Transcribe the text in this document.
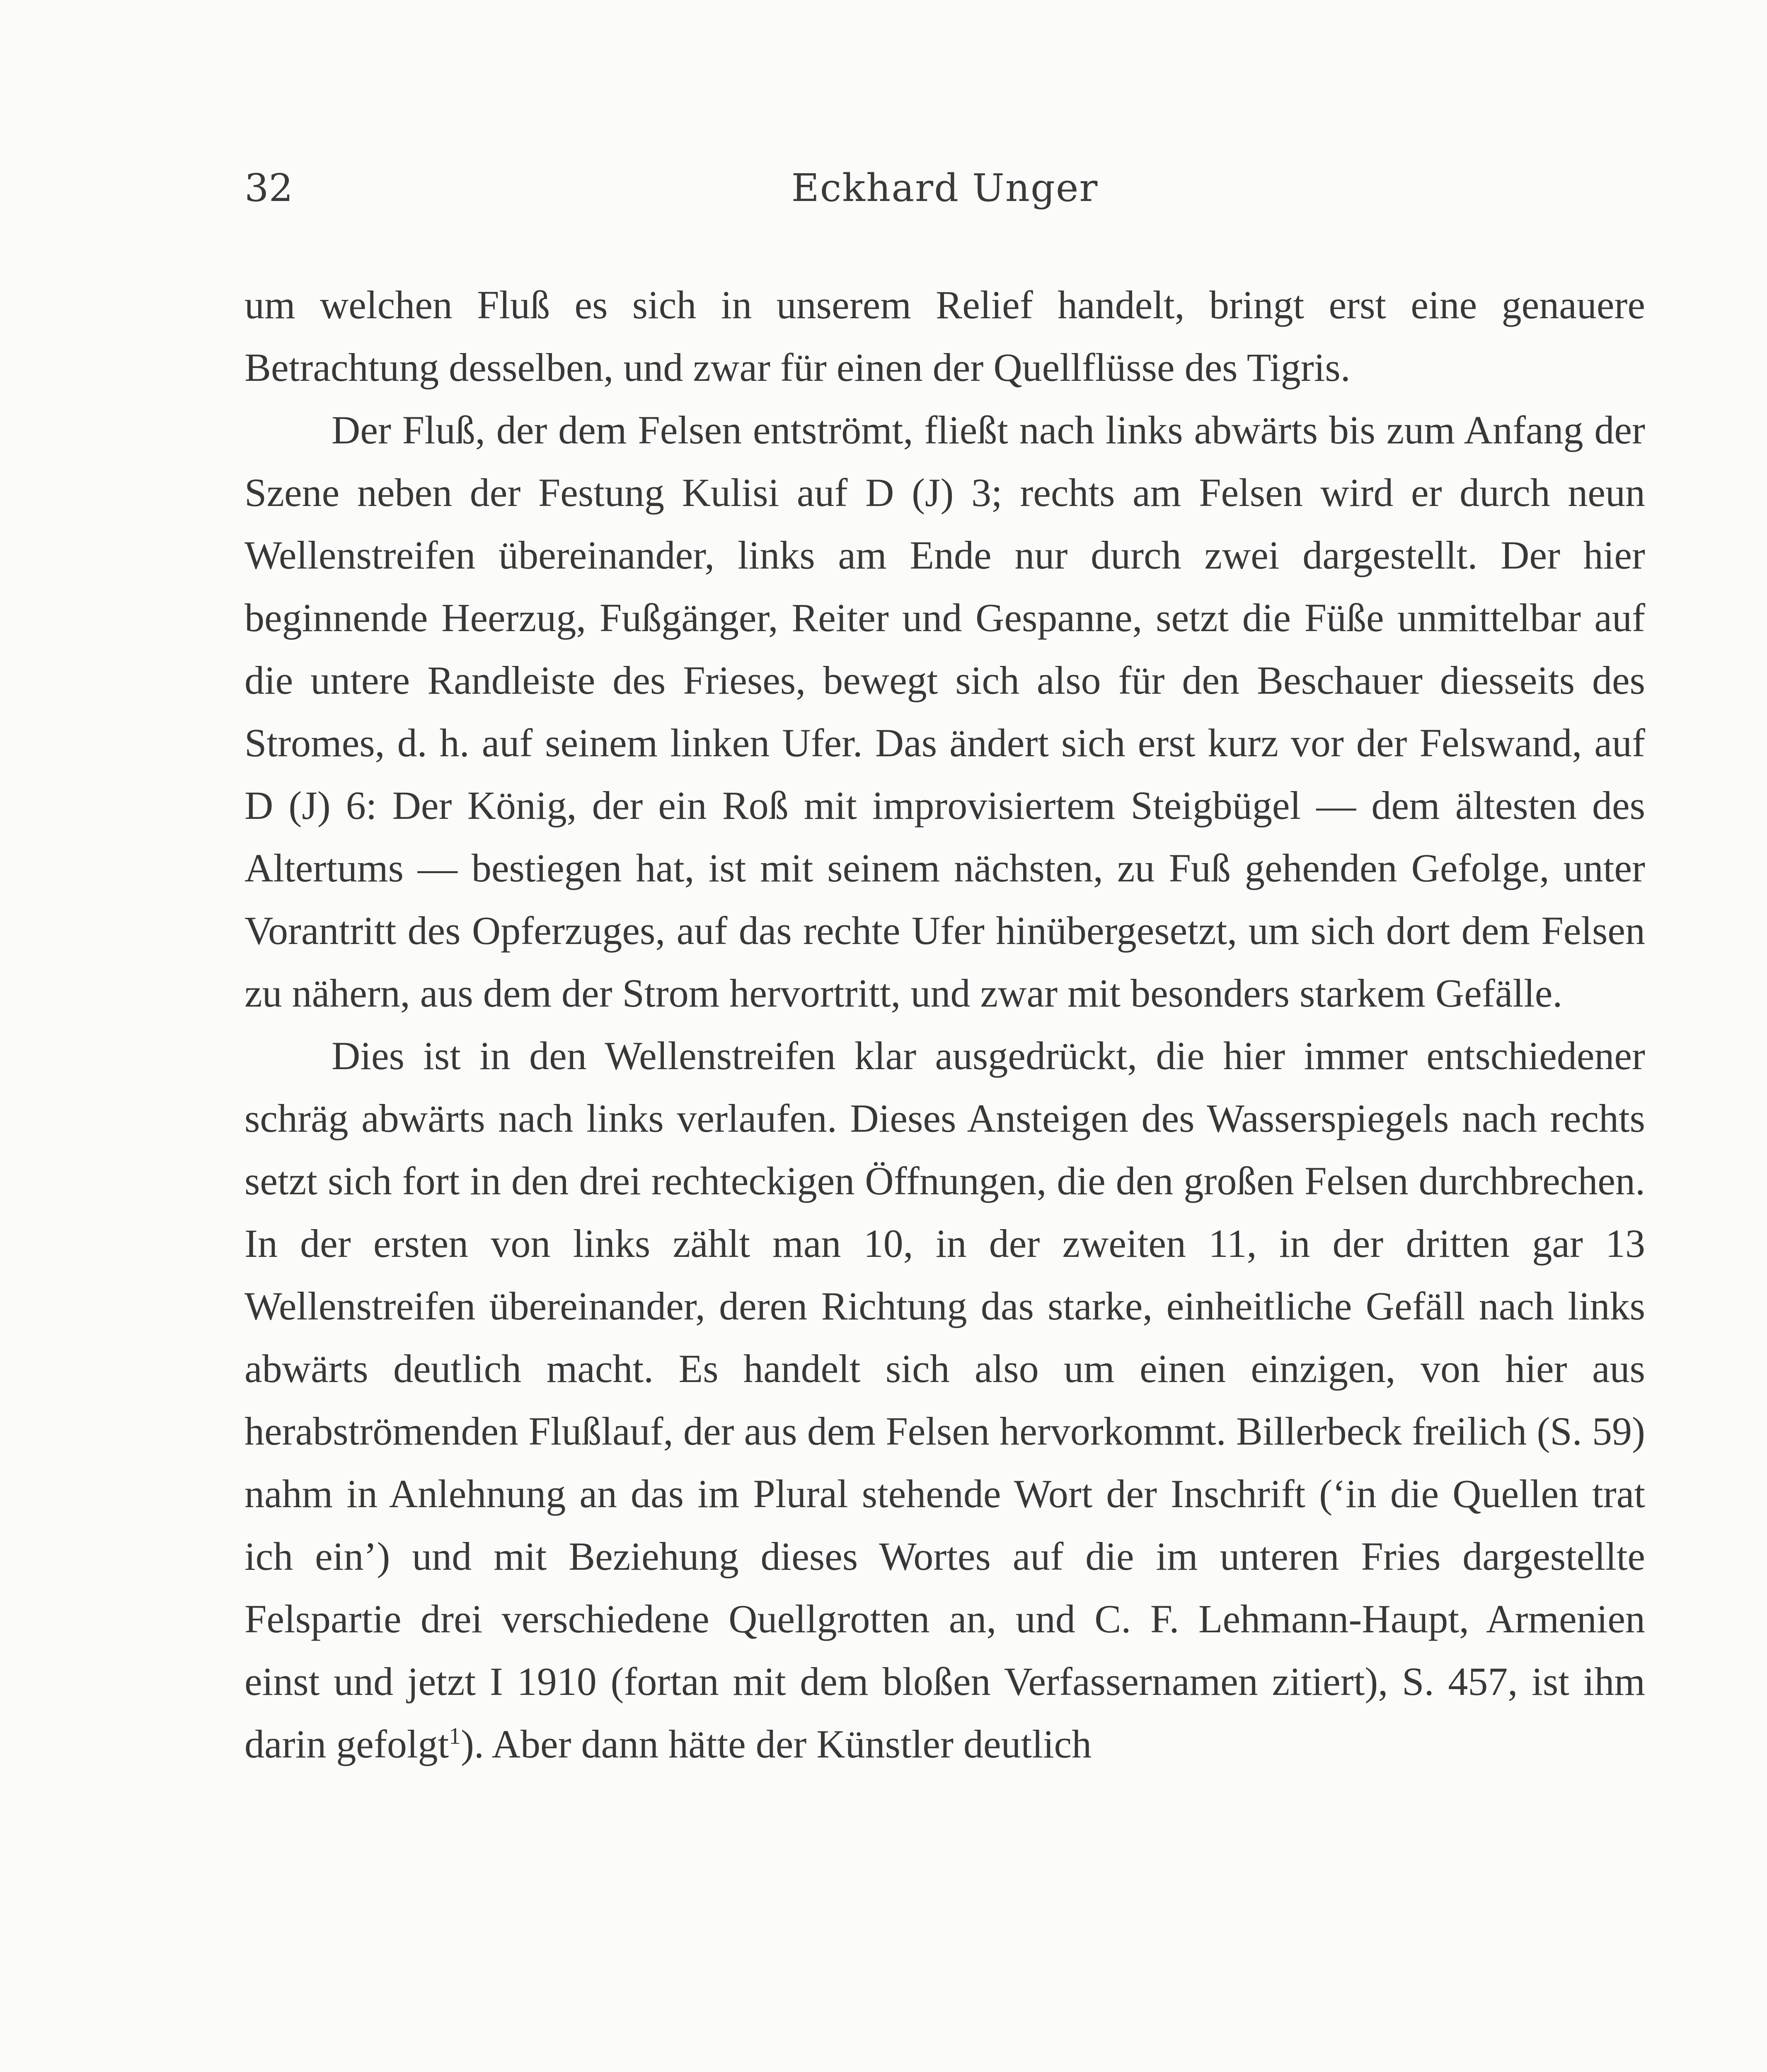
32	Eckhard Unger

um welchen Fluß es sich in unserem Relief handelt, bringt erst eine genauere Betrachtung desselben, und zwar für einen der Quellflüsse des Tigris.

Der Fluß, der dem Felsen entströmt, fließt nach links abwärts bis zum Anfang der Szene neben der Festung Kulisi auf D (J) 3; rechts am Felsen wird er durch neun Wellenstreifen übereinander, links am Ende nur durch zwei dargestellt. Der hier beginnende Heerzug, Fußgänger, Reiter und Gespanne, setzt die Füße unmittelbar auf die untere Randleiste des Frieses, bewegt sich also für den Beschauer diesseits des Stromes, d. h. auf seinem linken Ufer. Das ändert sich erst kurz vor der Felswand, auf D (J) 6: Der König, der ein Roß mit improvisiertem Steigbügel — dem ältesten des Altertums — bestiegen hat, ist mit seinem nächsten, zu Fuß gehenden Gefolge, unter Vorantritt des Opferzuges, auf das rechte Ufer hinübergesetzt, um sich dort dem Felsen zu nähern, aus dem der Strom hervortritt, und zwar mit besonders starkem Gefälle.

Dies ist in den Wellenstreifen klar ausgedrückt, die hier immer entschiedener schräg abwärts nach links verlaufen. Dieses Ansteigen des Wasserspiegels nach rechts setzt sich fort in den drei rechteckigen Öffnungen, die den großen Felsen durchbrechen. In der ersten von links zählt man 10, in der zweiten 11, in der dritten gar 13 Wellenstreifen übereinander, deren Richtung das starke, einheitliche Gefäll nach links abwärts deutlich macht. Es handelt sich also um einen einzigen, von hier aus herabströmenden Flußlauf, der aus dem Felsen hervorkommt. Billerbeck freilich (S. 59) nahm in Anlehnung an das im Plural stehende Wort der Inschrift (‘in die Quellen trat ich ein’) und mit Beziehung dieses Wortes auf die im unteren Fries dargestellte Felspartie drei verschiedene Quellgrotten an, und C. F. Lehmann-Haupt, Armenien einst und jetzt I 1910 (fortan mit dem bloßen Verfassernamen zitiert), S. 457, ist ihm darin gefolgt$^1$). Aber dann hätte der Künstler deutlich
